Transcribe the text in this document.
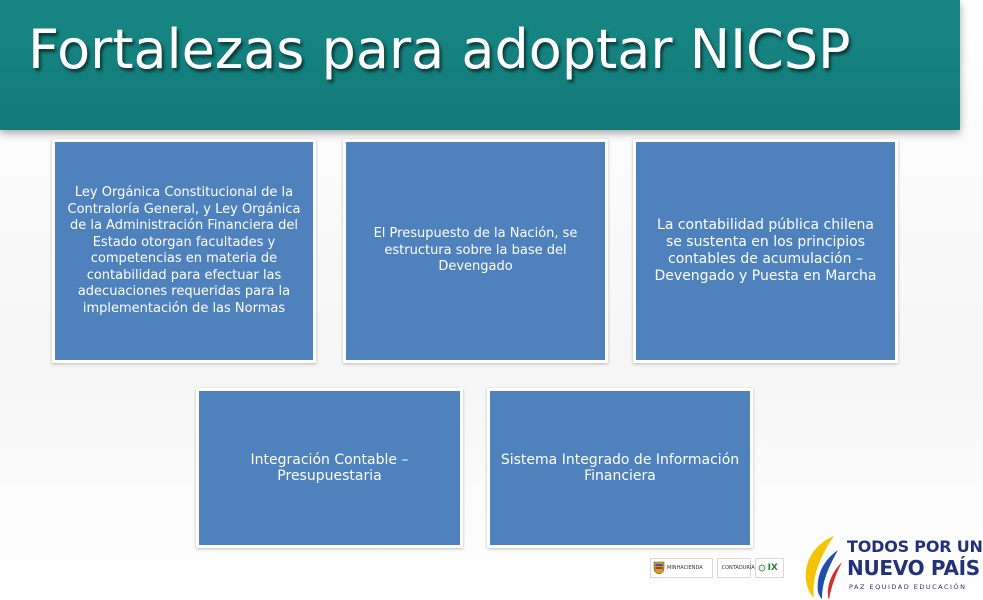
Fortalezas para adoptar NICSP
Ley Orgánica Constitucional de la Contraloría General, y Ley Orgánica de la Administración Financiera del Estado otorgan facultades y competencias en materia de contabilidad para efectuar las adecuaciones requeridas para la implementación de las Normas
El Presupuesto de la Nación, se estructura sobre la base del Devengado
La contabilidad pública chilena se sustenta en los principios contables de acumulación – Devengado y Puesta en Marcha
Integración Contable – Presupuestaria
Sistema Integrado de Información Financiera
MINHACIENDA	CONTADURÍA IX
TODOS POR UN
NUEVO PAÍS
PAZ EQUIDAD EDUCACIÓN
